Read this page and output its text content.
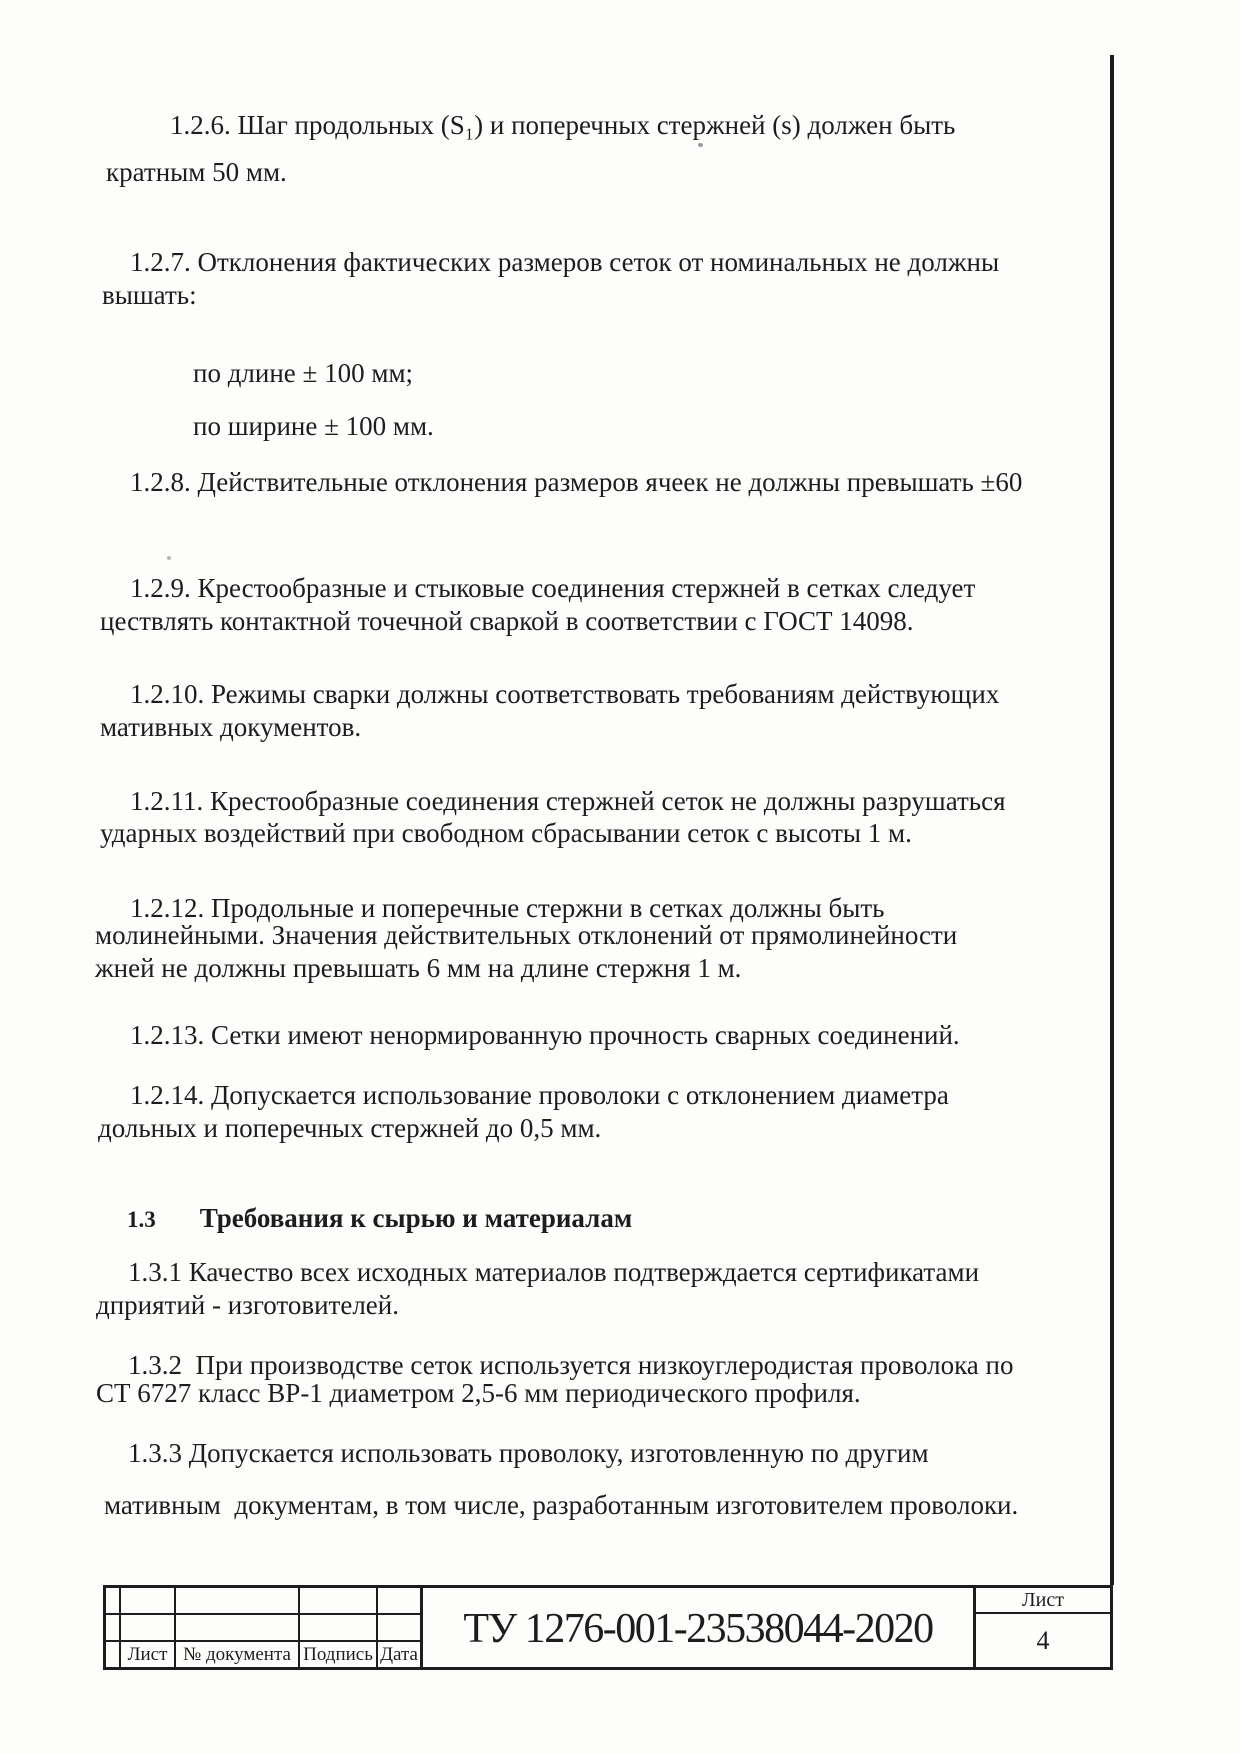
1.2.6. Шаг продольных (S₁) и поперечных стержней (s) должен быть
кратным 50 мм.
1.2.7. Отклонения фактических размеров сеток от номинальных не должны
вышать:
по длине ± 100 мм;
по ширине ± 100 мм.
1.2.8. Действительные отклонения размеров ячеек не должны превышать ±60
1.2.9. Крестообразные и стыковые соединения стержней в сетках следует
цествлять контактной точечной сваркой в соответствии с ГОСТ 14098.
1.2.10. Режимы сварки должны соответствовать требованиям действующих
мативных документов.
1.2.11. Крестообразные соединения стержней сеток не должны разрушаться
ударных воздействий при свободном сбрасывании сеток с высоты 1 м.
1.2.12. Продольные и поперечные стержни в сетках должны быть
молинейными. Значения действительных отклонений от прямолинейности
жней не должны превышать 6 мм на длине стержня 1 м.
1.2.13. Сетки имеют ненормированную прочность сварных соединений.
1.2.14. Допускается использование проволоки с отклонением диаметра
дольных и поперечных стержней до 0,5 мм.
1.3.1 Качество всех исходных материалов подтверждается сертификатами
дприятий - изготовителей.
1.3.2  При производстве сеток используется низкоуглеродистая проволока по
СТ 6727 класс ВР-1 диаметром 2,5-6 мм периодического профиля.
1.3.3 Допускается использовать проволоку, изготовленную по другим
мативным  документам, в том числе, разработанным изготовителем проволоки.
1.3 Требования к сырью и материалам
Лист № документа Подпись Дата
ТУ 1276-001-23538044-2020
Лист
4
